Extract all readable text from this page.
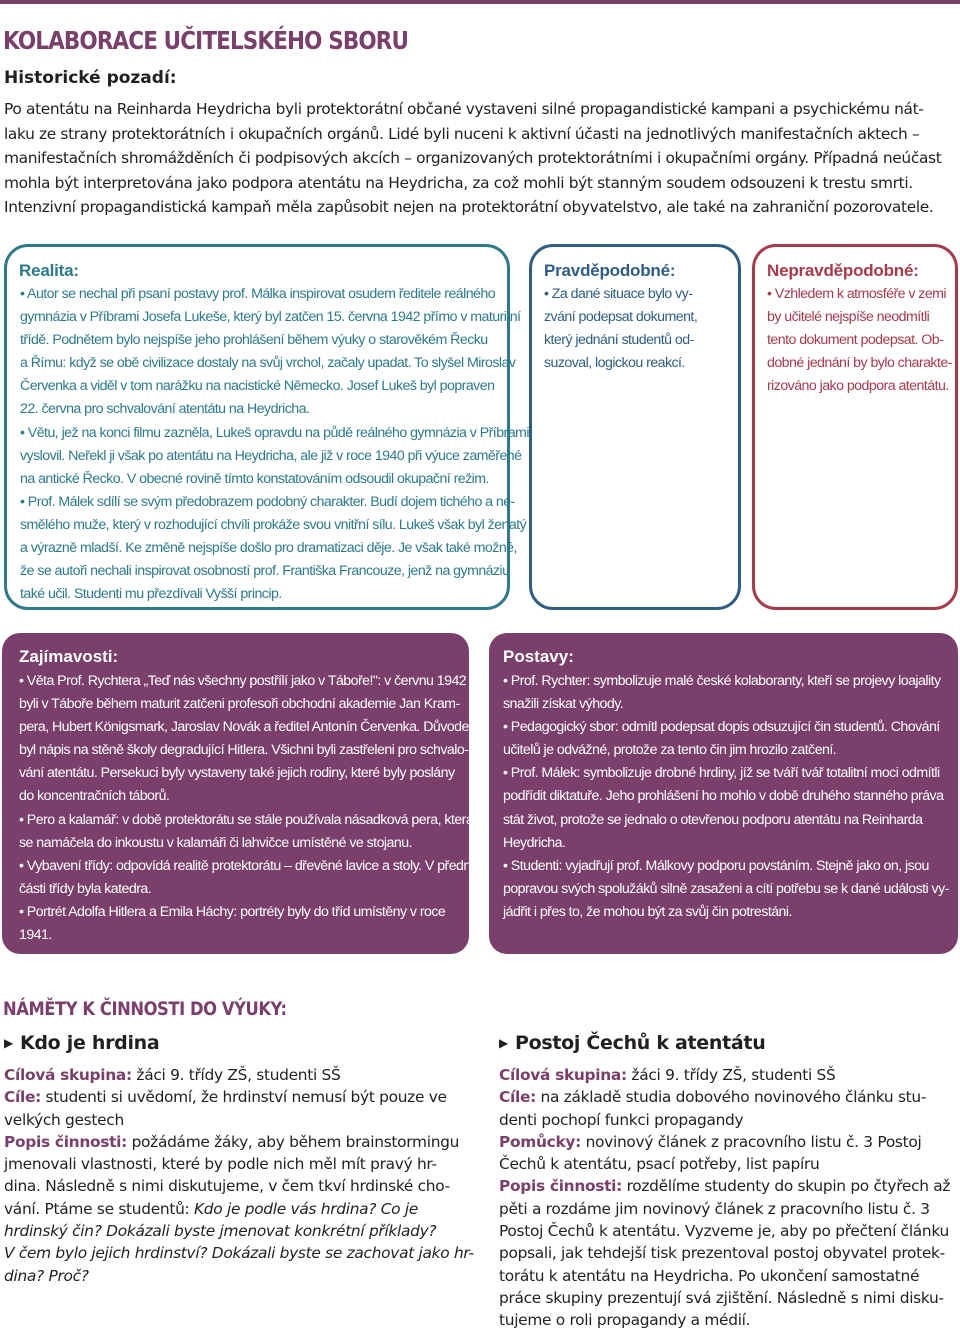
KOLABORACE UČITELSKÉHO SBORU
Historické pozadí:
Po atentátu na Reinharda Heydricha byli protektorátní občané vystaveni silné propagandistické kampani a psychickému nát-
laku ze strany protektorátních i okupačních orgánů. Lidé byli nuceni k aktivní účasti na jednotlivých manifestačních aktech –
manifestačních shromážděních či podpisových akcích – organizovaných protektorátními i okupačními orgány. Případná neúčast
mohla být interpretována jako podpora atentátu na Heydricha, za což mohli být stanným soudem odsouzeni k trestu smrti.
Intenzivní propagandistická kampaň měla zapůsobit nejen na protektorátní obyvatelstvo, ale také na zahraniční pozorovatele.
Realita:
• Autor se nechal při psaní postavy prof. Málka inspirovat osudem ředitele reálného
gymnázia v Příbrami Josefa Lukeše, který byl zatčen 15. června 1942 přímo v maturitní
třídě. Podnětem bylo nejspíše jeho prohlášení během výuky o starověkém Řecku
a Římu: když se obě civilizace dostaly na svůj vrchol, začaly upadat. To slyšel Miroslav
Červenka a viděl v tom narážku na nacistické Německo. Josef Lukeš byl popraven
22. června pro schvalování atentátu na Heydricha.
• Větu, jež na konci filmu zazněla, Lukeš opravdu na půdě reálného gymnázia v Příbrami
vyslovil. Neřekl ji však po atentátu na Heydricha, ale již v roce 1940 při výuce zaměřené
na antické Řecko. V obecné rovině tímto konstatováním odsoudil okupační režim.
• Prof. Málek sdílí se svým předobrazem podobný charakter. Budí dojem tichého a ne-
smělého muže, který v rozhodující chvíli prokáže svou vnitřní sílu. Lukeš však byl ženatý
a výrazně mladší. Ke změně nejspíše došlo pro dramatizaci děje. Je však také možné,
že se autoři nechali inspirovat osobností prof. Františka Francouze, jenž na gymnáziu
také učil. Studenti mu přezdívali Vyšší princip.
Pravděpodobné:
• Za dané situace bylo vy-
zvání podepsat dokument,
který jednání studentů od-
suzoval, logickou reakcí.
Nepravděpodobné:
• Vzhledem k atmosféře v zemi
by učitelé nejspíše neodmítli
tento dokument podepsat. Ob-
dobné jednání by bylo charakte-
rizováno jako podpora atentátu.
Zajímavosti:
• Věta Prof. Rychtera „Teď nás všechny postřílí jako v Táboře!": v červnu 1942
byli v Táboře během maturit zatčeni profesoři obchodní akademie Jan Kram-
pera, Hubert Königsmark, Jaroslav Novák a ředitel Antonín Červenka. Důvodem
byl nápis na stěně školy degradující Hitlera. Všichni byli zastřeleni pro schvalo-
vání atentátu. Persekuci byly vystaveny také jejich rodiny, které byly poslány
do koncentračních táborů.
• Pero a kalamář: v době protektorátu se stále používala násadková pera, která
se namáčela do inkoustu v kalamáři či lahvičce umístěné ve stojanu.
• Vybavení třídy: odpovídá realitě protektorátu – dřevěné lavice a stoly. V přední
části třídy byla katedra.
• Portrét Adolfa Hitlera a Emila Háchy: portréty byly do tříd umístěny v roce
1941.
Postavy:
• Prof. Rychter: symbolizuje malé české kolaboranty, kteří se projevy loajality
snažili získat výhody.
• Pedagogický sbor: odmítl podepsat dopis odsuzující čin studentů. Chování
učitelů je odvážné, protože za tento čin jim hrozilo zatčení.
• Prof. Málek: symbolizuje drobné hrdiny, jíž se tváří tvář totalitní moci odmítli
podřídit diktatuře. Jeho prohlášení ho mohlo v době druhého stanného práva
stát život, protože se jednalo o otevřenou podporu atentátu na Reinharda
Heydricha.
• Studenti: vyjadřují prof. Málkovy podporu povstáním. Stejně jako on, jsou
popravou svých spolužáků silně zasaženi a cítí potřebu se k dané události vy-
jádřit i přes to, že mohou být za svůj čin potrestáni.
NÁMĚTY K ČINNOSTI DO VÝUKY:
▶ Kdo je hrdina
Cílová skupina: žáci 9. třídy ZŠ, studenti SŠ
Cíle: studenti si uvědomí, že hrdinství nemusí být pouze ve
velkých gestech
Popis činnosti: požádáme žáky, aby během brainstormingu
jmenovali vlastnosti, které by podle nich měl mít pravý hr-
dina. Následně s nimi diskutujeme, v čem tkví hrdinské cho-
vání. Ptáme se studentů: Kdo je podle vás hrdina? Co je
hrdinský čin? Dokázali byste jmenovat konkrétní příklady?
V čem bylo jejich hrdinství? Dokázali byste se zachovat jako hr-
dina? Proč?
▶ Postoj Čechů k atentátu
Cílová skupina: žáci 9. třídy ZŠ, studenti SŠ
Cíle: na základě studia dobového novinového článku stu-
denti pochopí funkci propagandy
Pomůcky: novinový článek z pracovního listu č. 3 Postoj
Čechů k atentátu, psací potřeby, list papíru
Popis činnosti: rozdělíme studenty do skupin po čtyřech až
pěti a rozdáme jim novinový článek z pracovního listu č. 3
Postoj Čechů k atentátu. Vyzveme je, aby po přečtení článku
popsali, jak tehdejší tisk prezentoval postoj obyvatel protek-
torátu k atentátu na Heydricha. Po ukončení samostatné
práce skupiny prezentují svá zjištění. Následně s nimi disku-
tujeme o roli propagandy a médií.
